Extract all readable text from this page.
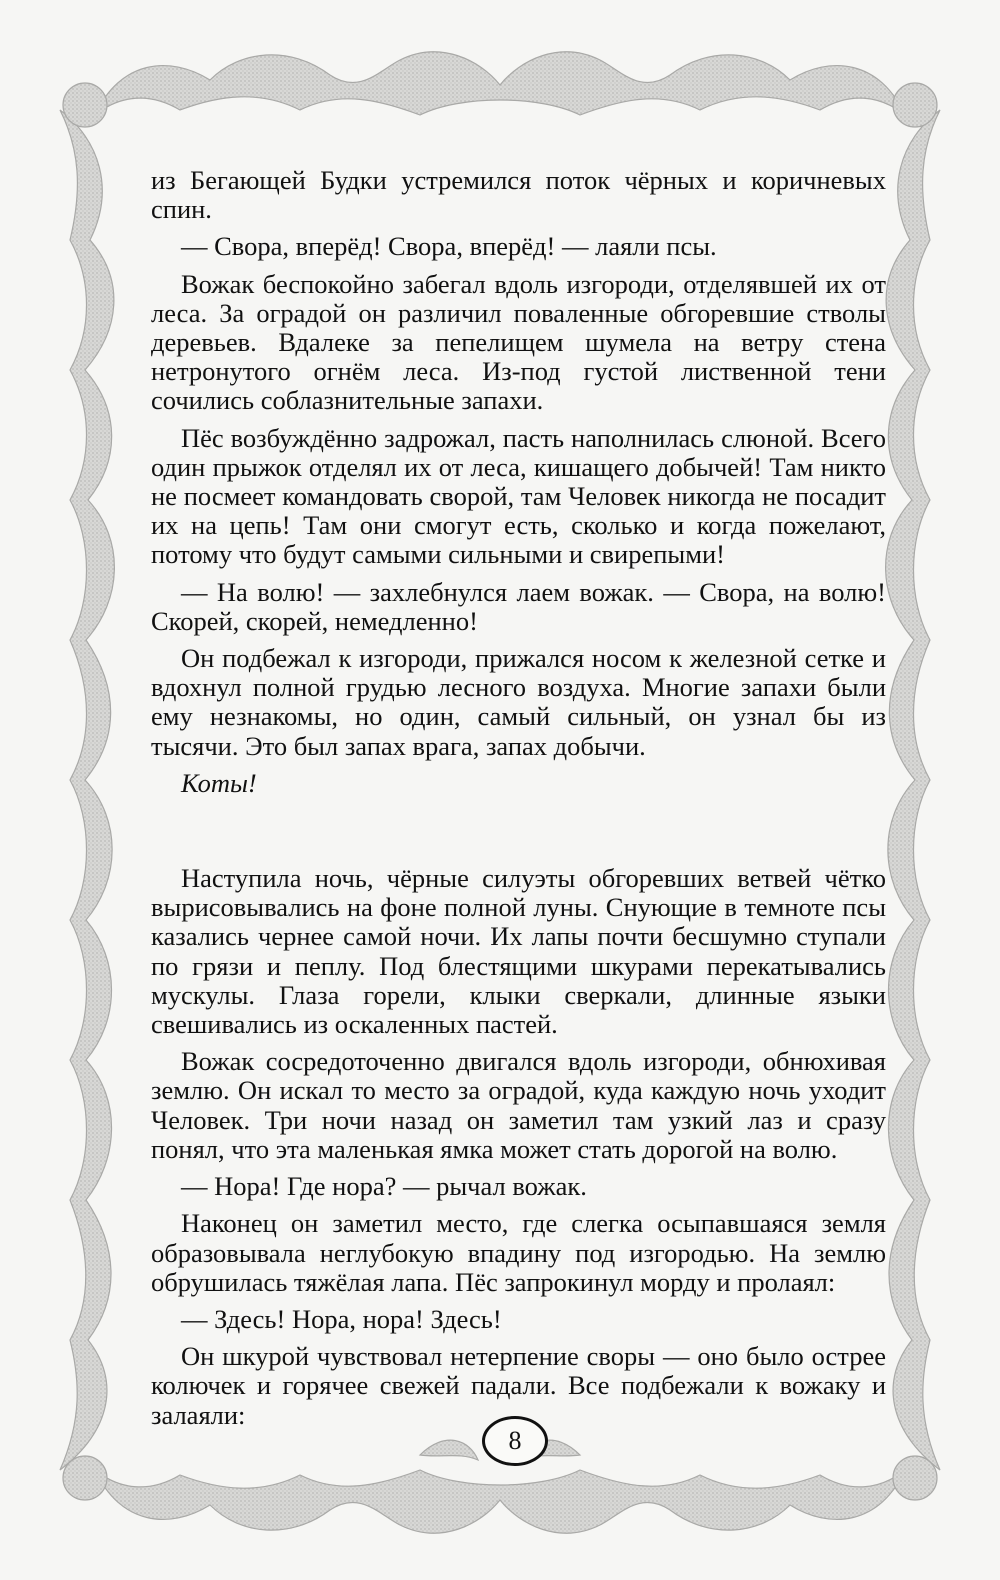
из Бегающей Будки устремился поток чёрных и коричневых спин.

— Свора, вперёд! Свора, вперёд! — лаяли псы.

Вожак беспокойно забегал вдоль изгороди, отделявшей их от леса. За оградой он различил поваленные обгоревшие стволы деревьев. Вдалеке за пепелищем шумела на ветру стена нетронутого огнём леса. Из-под густой лиственной тени сочились соблазнительные запахи.

Пёс возбуждённо задрожал, пасть наполнилась слюной. Всего один прыжок отделял их от леса, кишащего добычей! Там никто не посмеет командовать сворой, там Человек никогда не посадит их на цепь! Там они смогут есть, сколько и когда пожелают, потому что будут самыми сильными и свирепыми!

— На волю! — захлебнулся лаем вожак. — Свора, на волю! Скорей, скорей, немедленно!

Он подбежал к изгороди, прижался носом к железной сетке и вдохнул полной грудью лесного воздуха. Многие запахи были ему незнакомы, но один, самый сильный, он узнал бы из тысячи. Это был запах врага, запах добычи.

Коты!

Наступила ночь, чёрные силуэты обгоревших ветвей чётко вырисовывались на фоне полной луны. Снующие в темноте псы казались чернее самой ночи. Их лапы почти бесшумно ступали по грязи и пеплу. Под блестящими шкурами перекатывались мускулы. Глаза горели, клыки сверкали, длинные языки свешивались из оскаленных пастей.

Вожак сосредоточенно двигался вдоль изгороди, обнюхивая землю. Он искал то место за оградой, куда каждую ночь уходит Человек. Три ночи назад он заметил там узкий лаз и сразу понял, что эта маленькая ямка может стать дорогой на волю.

— Нора! Где нора? — рычал вожак.

Наконец он заметил место, где слегка осыпавшаяся земля образовывала неглубокую впадину под изгородью. На землю обрушилась тяжёлая лапа. Пёс запрокинул морду и пролаял:

— Здесь! Нора, нора! Здесь!

Он шкурой чувствовал нетерпение своры — оно было острее колючек и горячее свежей падали. Все подбежали к вожаку и залаяли:

8
